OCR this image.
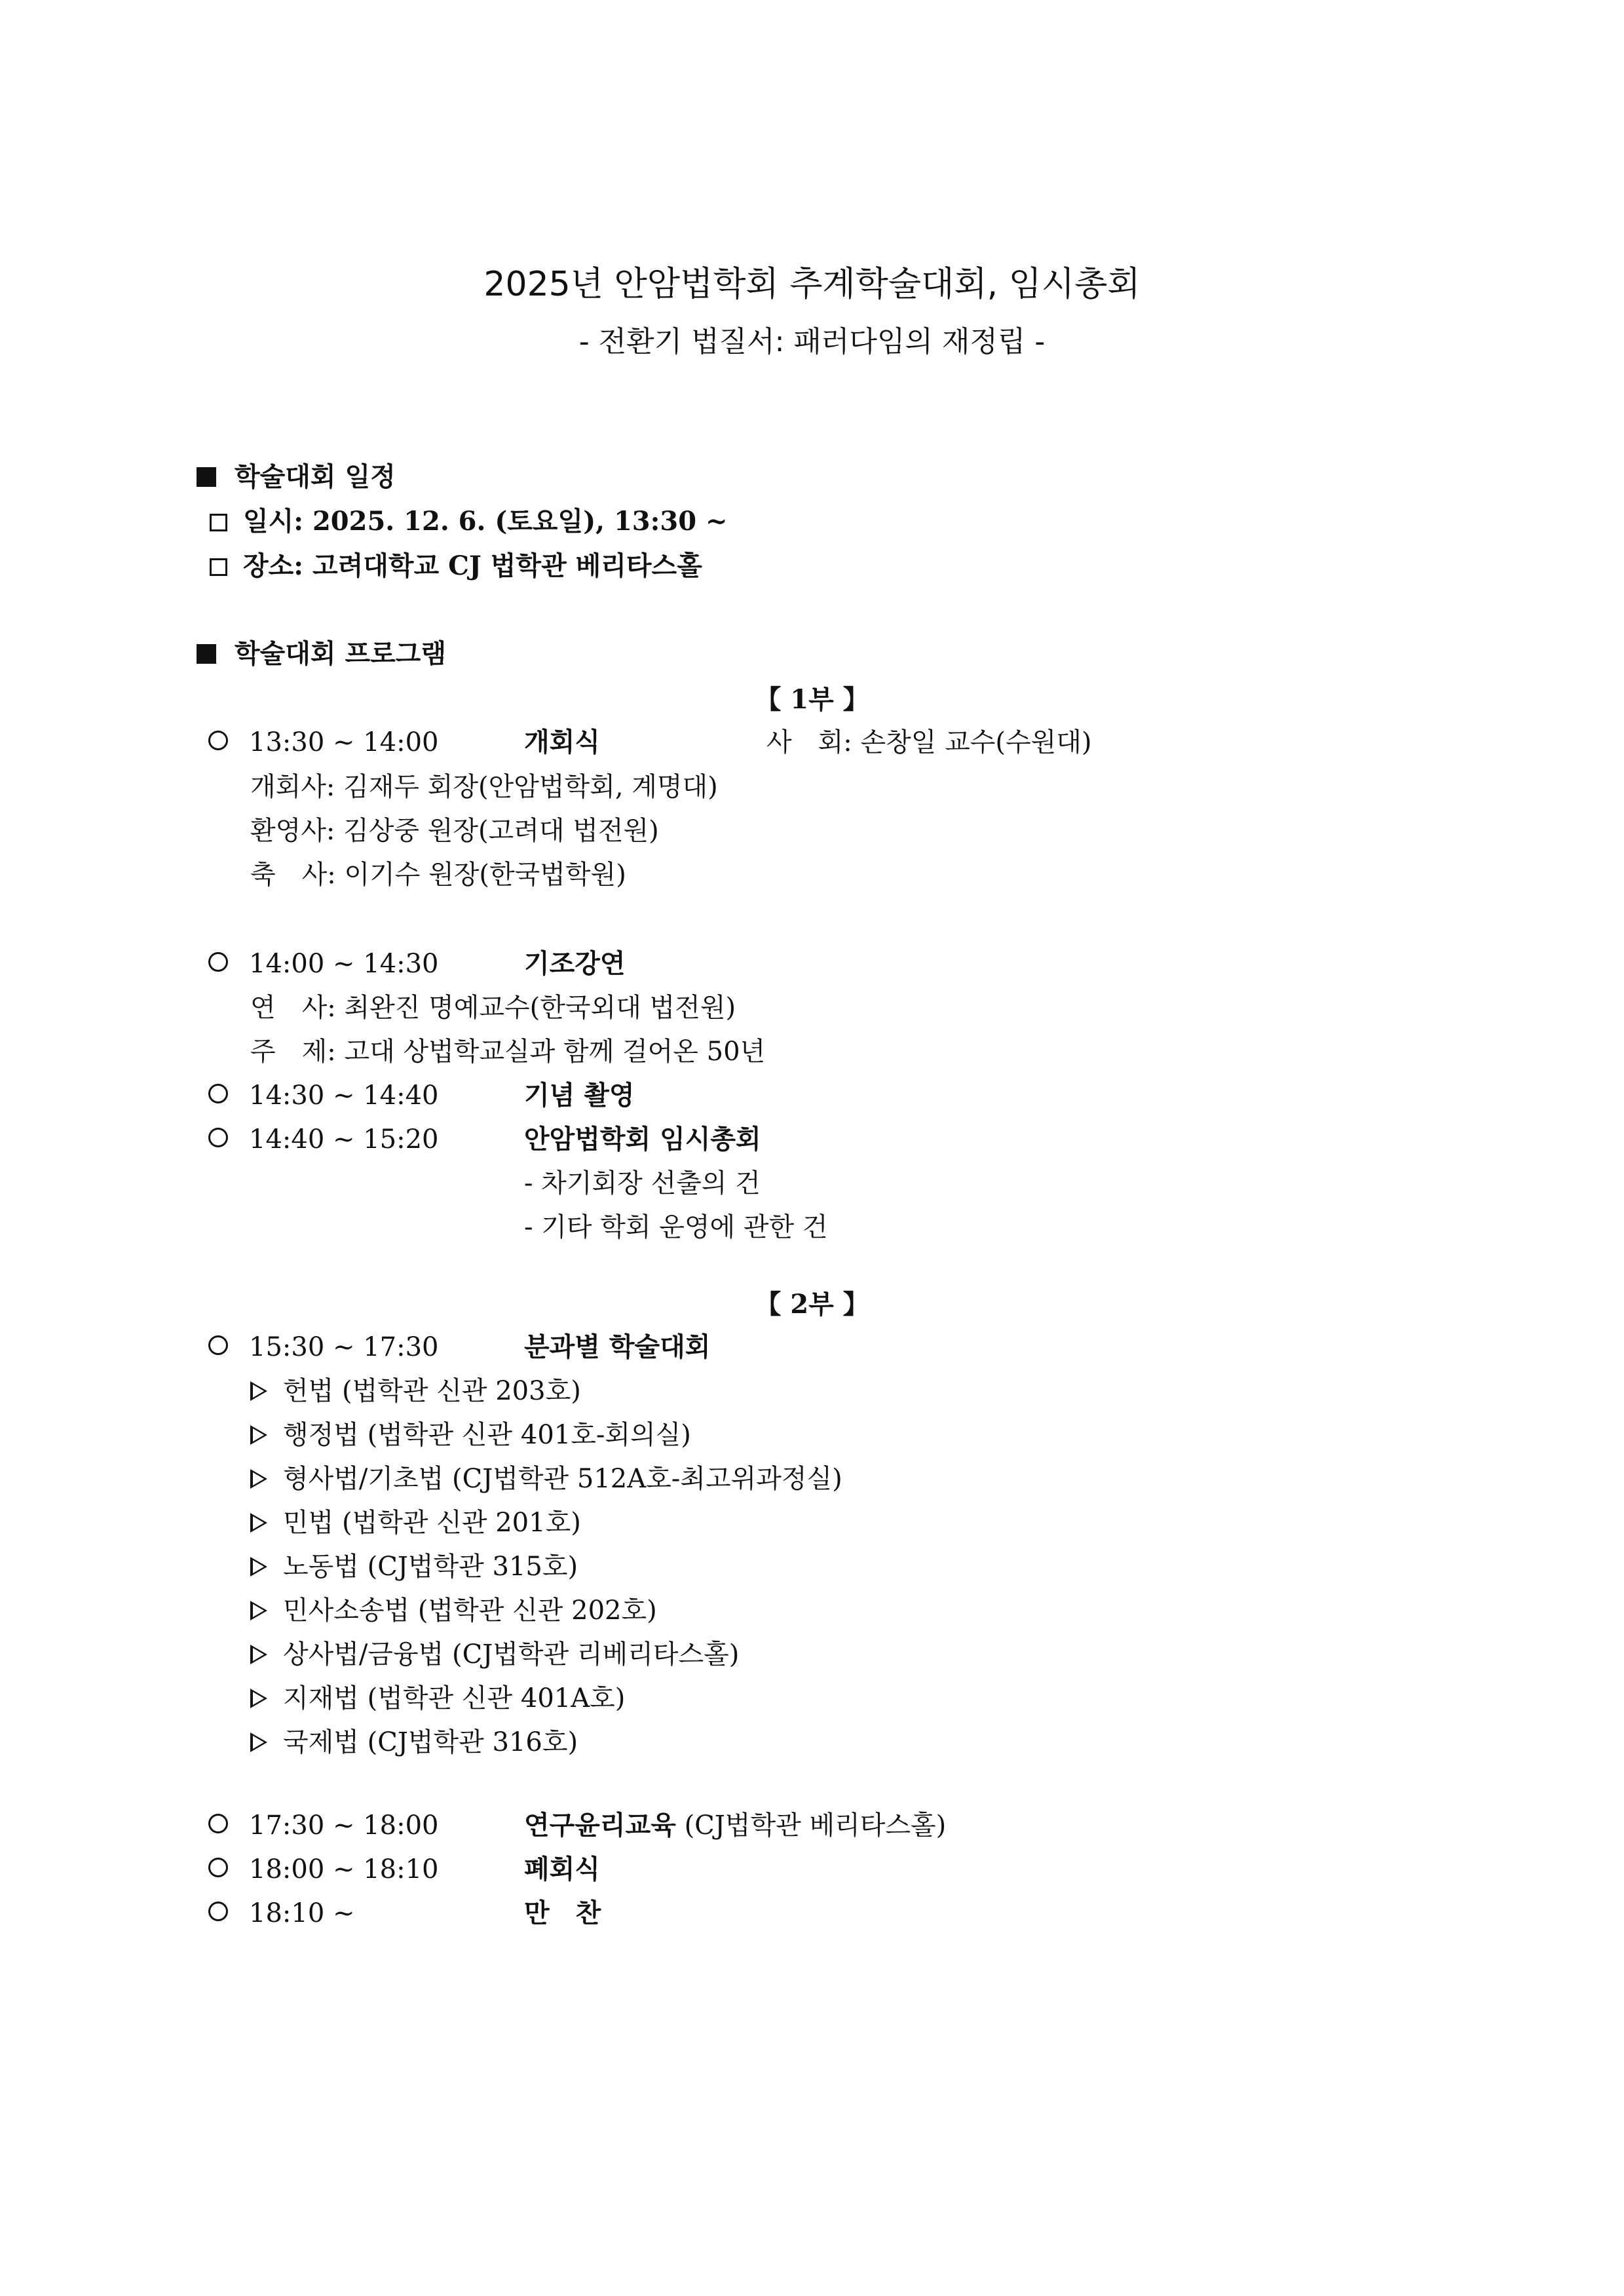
2025년 안암법학회 추계학술대회, 임시총회
- 전환기 법질서: 패러다임의 재정립 -
학술대회 일정
일시: 2025. 12. 6. (토요일), 13:30 ~
장소: 고려대학교 CJ 법학관 베리타스홀
학술대회 프로그램
【 1부 】
13:30 ~ 14:00	개회식	사　회: 손창일 교수(수원대)
개회사: 김재두 회장(안암법학회, 계명대)
환영사: 김상중 원장(고려대 법전원)
축　사: 이기수 원장(한국법학원)
14:00 ~ 14:30	기조강연
연　사: 최완진 명예교수(한국외대 법전원)
주　제: 고대 상법학교실과 함께 걸어온 50년
14:30 ~ 14:40	기념 촬영
14:40 ~ 15:20	안암법학회 임시총회
- 차기회장 선출의 건
- 기타 학회 운영에 관한 건
【 2부 】
15:30 ~ 17:30	분과별 학술대회
헌법 (법학관 신관 203호)
행정법 (법학관 신관 401호-회의실)
형사법/기초법 (CJ법학관 512A호-최고위과정실)
민법 (법학관 신관 201호)
노동법 (CJ법학관 315호)
민사소송법 (법학관 신관 202호)
상사법/금융법 (CJ법학관 리베리타스홀)
지재법 (법학관 신관 401A호)
국제법 (CJ법학관 316호)
17:30 ~ 18:00	연구윤리교육 (CJ법학관 베리타스홀)
18:00 ~ 18:10	폐회식
18:10 ~	만　찬
